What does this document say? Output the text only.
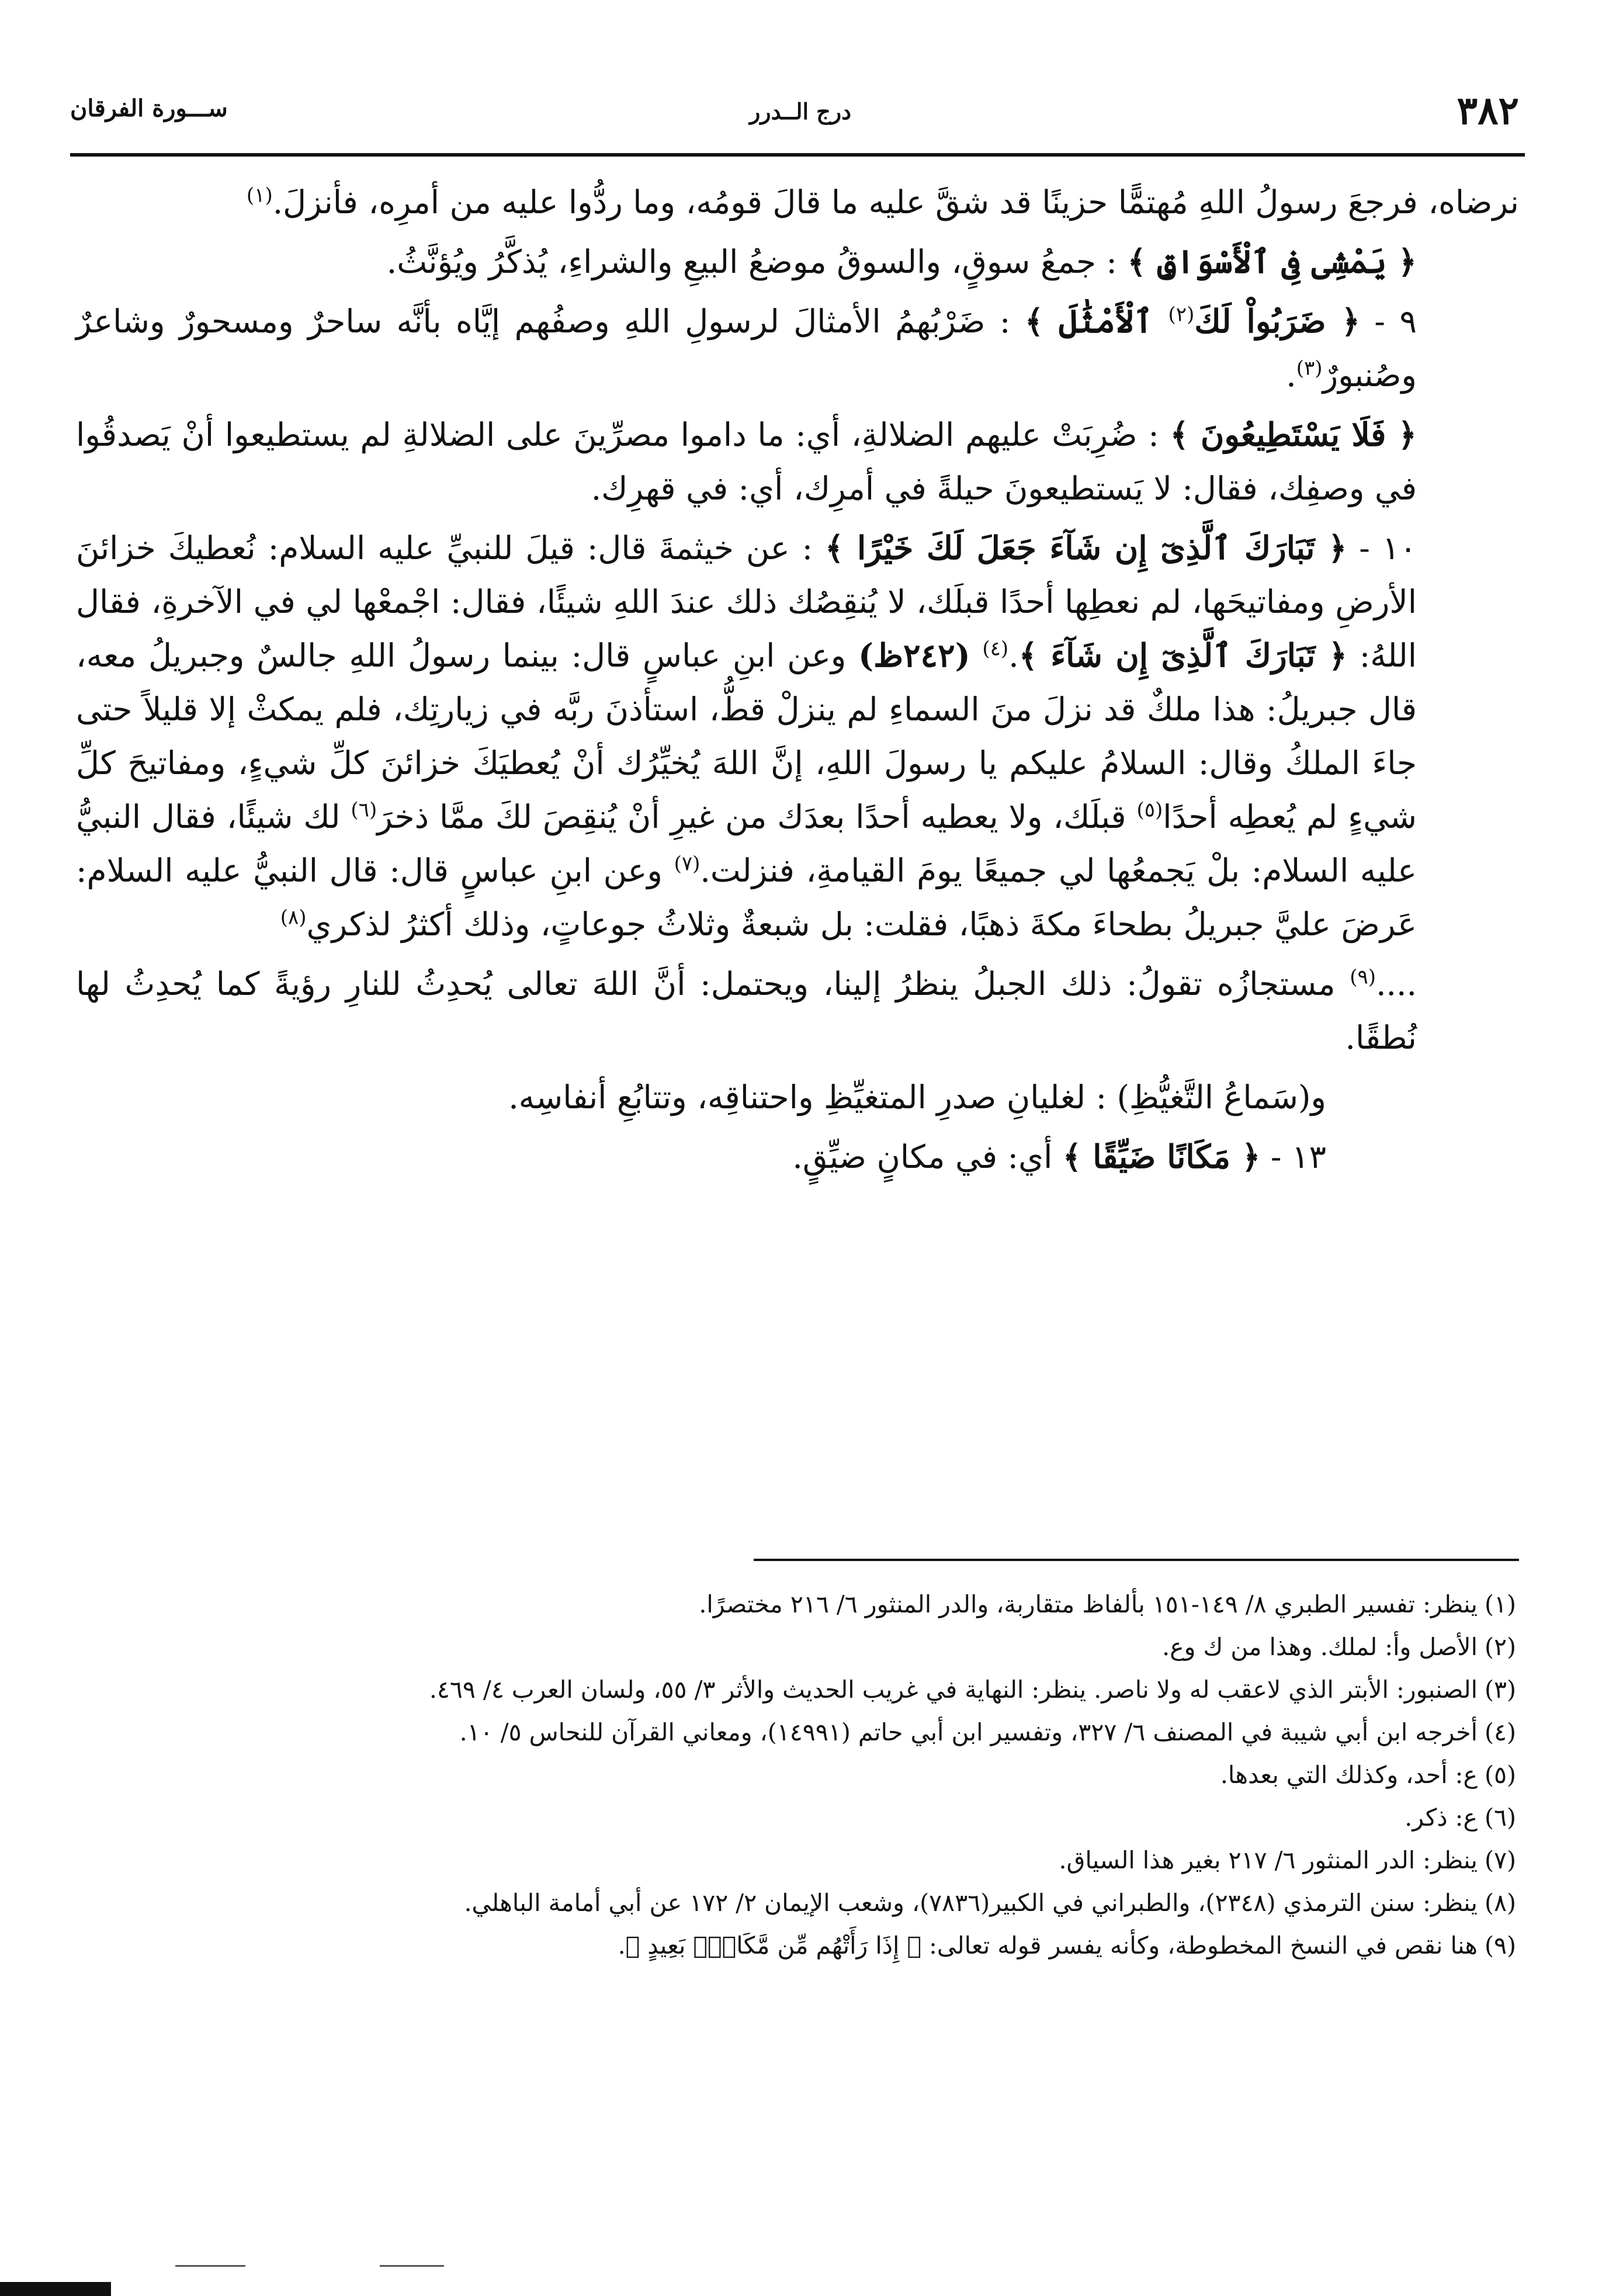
٣٨٢
درج الــدرر
ســـورة الفرقان

نرضاه، فرجعَ رسولُ اللهِ مُهتمًّا حزينًا قد شقَّ عليه ما قالَ قومُه، وما ردُّوا عليه من أمرِه، فأنزلَ.$^{(١)}$

﴿ يَمْشِى فِى ٱلْأَسْوَاقِ ﴾ : جمعُ سوقٍ، والسوقُ موضعُ البيعِ والشراءِ، يُذكَّرُ ويُؤنَّثُ.

٩ - ﴿ ضَرَبُواْ لَكَ$^{(٢)}$ ٱلْأَمْثَٰلَ ﴾ : ضَرْبُهمُ الأمثالَ لرسولِ اللهِ وصفُهم إيَّاه بأنَّه ساحرٌ ومسحورٌ وشاعرٌ وصُنبورٌ$^{(٣)}$.

﴿ فَلَا يَسْتَطِيعُونَ ﴾ : ضُرِبَتْ عليهم الضلالةِ، أي: ما داموا مصرِّينَ على الضلالةِ لم يستطيعوا أنْ يَصدقُوا في وصفِك، فقال: لا يَستطيعونَ حيلةً في أمرِك، أي: في قهرِك.

١٠ - ﴿ تَبَارَكَ ٱلَّذِىٓ إِن شَآءَ جَعَلَ لَكَ خَيْرًا ﴾ : عن خيثمةَ قال: قيلَ للنبيِّ عليه السلام: نُعطيكَ خزائنَ الأرضِ ومفاتيحَها، لم نعطِها أحدًا قبلَك، لا يُنقِصُك ذلك عندَ اللهِ شيئًا، فقال: اجْمعْها لي في الآخرةِ، فقال اللهُ: ﴿ تَبَارَكَ ٱلَّذِىٓ إِن شَآءَ ﴾.$^{(٤)}$ (٢٤٢ظ) وعن ابنِ عباسٍ قال: بينما رسولُ اللهِ جالسٌ وجبريلُ معه، قال جبريلُ: هذا ملكٌ قد نزلَ منَ السماءِ لم ينزلْ قطُّ، استأذنَ ربَّه في زيارتِك، فلم يمكثْ إلا قليلاً حتى جاءَ الملكُ وقال: السلامُ عليكم يا رسولَ اللهِ، إنَّ اللهَ يُخيِّرُك أنْ يُعطيَكَ خزائنَ كلِّ شيءٍ، ومفاتيحَ كلِّ شيءٍ لم يُعطِه أحدًا$^{(٥)}$ قبلَك، ولا يعطيه أحدًا بعدَك من غيرِ أنْ يُنقِصَ لكَ ممَّا ذخرَ$^{(٦)}$ لك شيئًا، فقال النبيُّ عليه السلام: بلْ يَجمعُها لي جميعًا يومَ القيامةِ، فنزلت.$^{(٧)}$ وعن ابنِ عباسٍ قال: قال النبيُّ عليه السلام: عَرضَ عليَّ جبريلُ بطحاءَ مكةَ ذهبًا، فقلت: بل شبعةٌ وثلاثُ جوعاتٍ، وذلك أكثرُ لذكري$^{(٨)}$

....$^{(٩)}$ مستجازُه تقولُ: ذلك الجبلُ ينظرُ إلينا، ويحتمل: أنَّ اللهَ تعالى يُحدِثُ للنارِ رؤيةً كما يُحدِثُ لها نُطقًا.

و(سَماعُ التَّغيُّظِ) : لغليانِ صدرِ المتغيِّظِ واحتناقِه، وتتابُعِ أنفاسِه.

١٣ - ﴿ مَكَانًا ضَيِّقًا ﴾ أي: في مكانٍ ضيِّقٍ.

(١)ينظر: تفسير الطبري ٨/ ١٤٩-١٥١ بألفاظ متقاربة، والدر المنثور ٦/ ٢١٦ مختصرًا.
(٢)الأصل وأ: لملك. وهذا من ك وع.
(٣)الصنبور: الأبتر الذي لاعقب له ولا ناصر. ينظر: النهاية في غريب الحديث والأثر ٣/ ٥٥، ولسان العرب ٤/ ٤٦٩.
(٤)أخرجه ابن أبي شيبة في المصنف ٦/ ٣٢٧، وتفسير ابن أبي حاتم (١٤٩٩١)، ومعاني القرآن للنحاس ٥/ ١٠.
(٥)ع: أحد، وكذلك التي بعدها.
(٦)ع: ذكر.
(٧)ينظر: الدر المنثور ٦/ ٢١٧ بغير هذا السياق.
(٨)ينظر: سنن الترمذي (٢٣٤٨)، والطبراني في الكبير(٧٨٣٦)، وشعب الإيمان ٢/ ١٧٢ عن أبي أمامة الباهلي.
(٩)هنا نقص في النسخ المخطوطة، وكأنه يفسر قوله تعالى: ﴿ إِذَا رَأَتْهُم مِّن مَّكَانٍۭ بَعِيدٍ ﴾.
